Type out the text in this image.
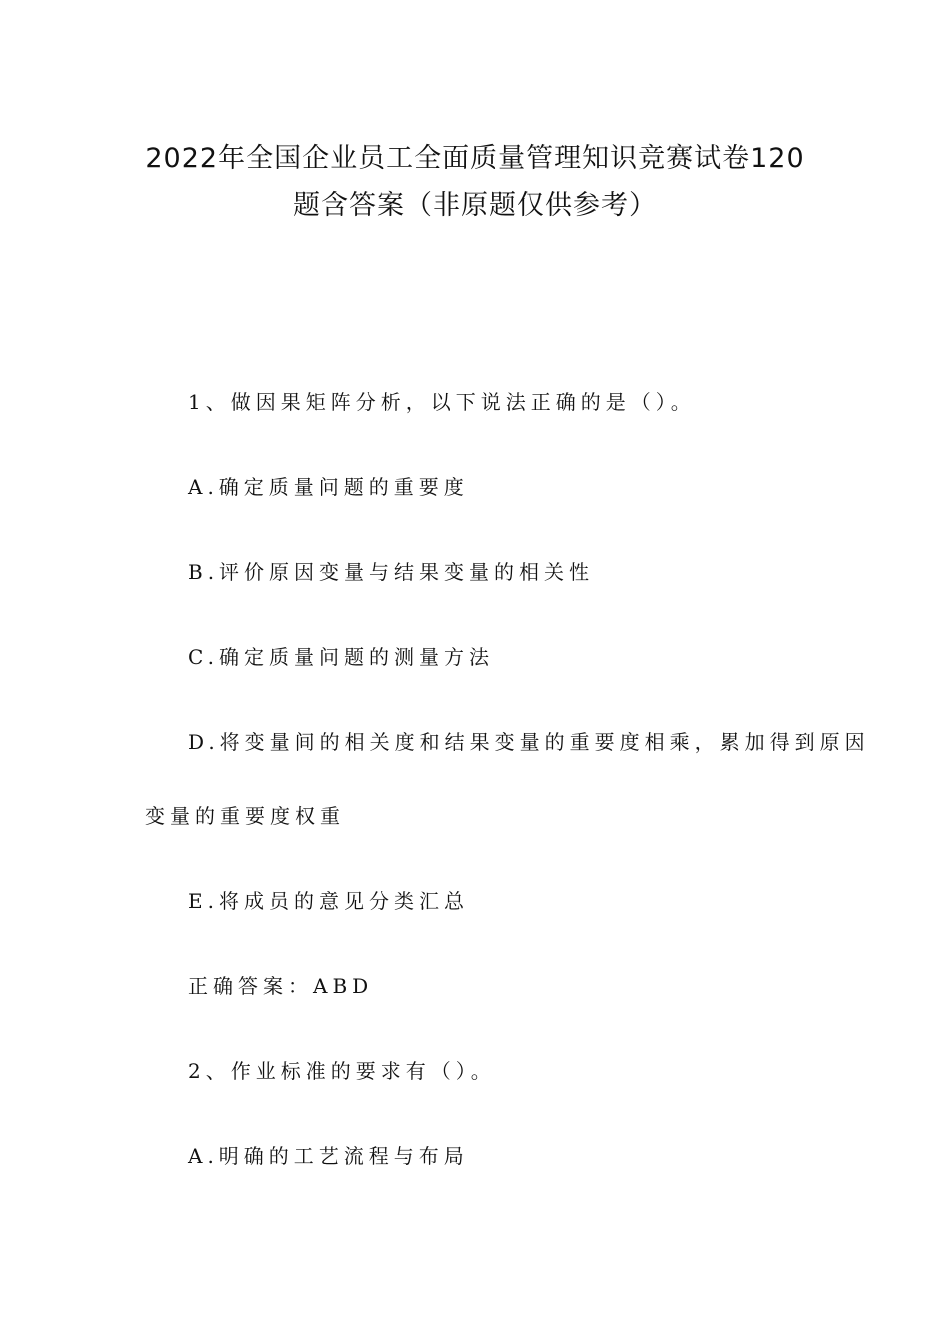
2022年全国企业员工全面质量管理知识竞赛试卷120
题含答案（非原题仅供参考）
1、做因果矩阵分析，以下说法正确的是（）。
A.确定质量问题的重要度
B.评价原因变量与结果变量的相关性
C.确定质量问题的测量方法
D.将变量间的相关度和结果变量的重要度相乘，累加得到原因
变量的重要度权重
E.将成员的意见分类汇总
正确答案：ABD
2、作业标准的要求有（）。
A.明确的工艺流程与布局
